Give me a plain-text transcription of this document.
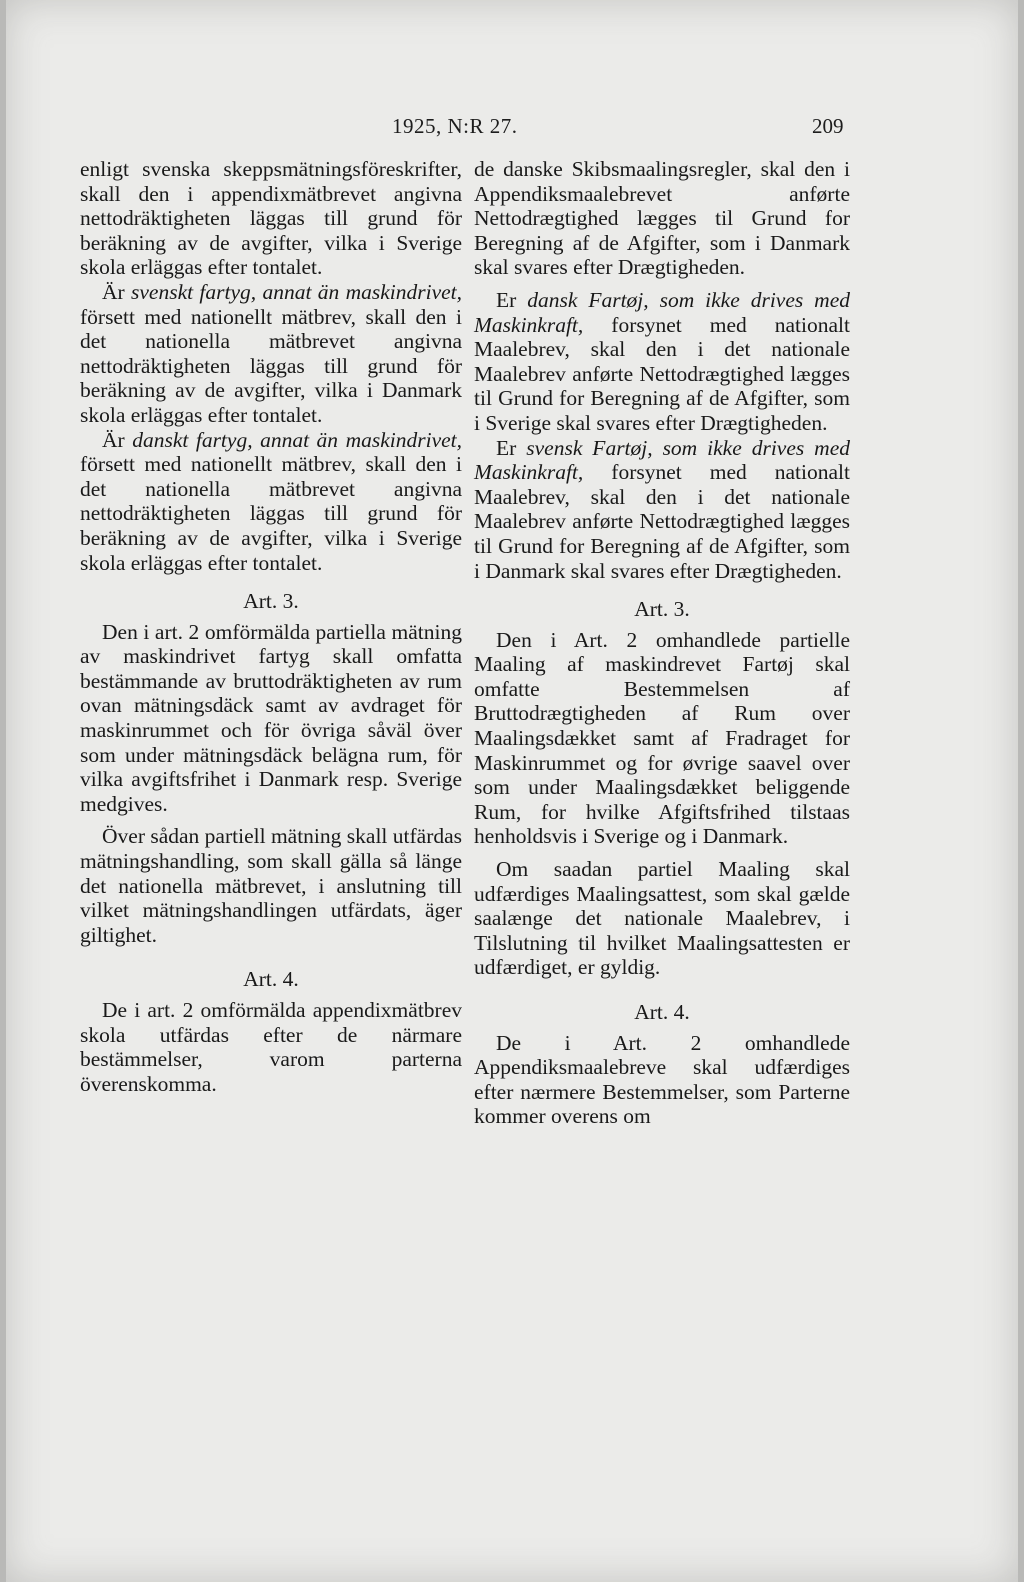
1925, N:R 27.	209

enligt svenska skeppsmätningsföreskrifter, skall den i appendixmätbrevet angivna nettodräktigheten läggas till grund för beräkning av de avgifter, vilka i Sverige skola erläggas efter tontalet.

Är svenskt fartyg, annat än maskindrivet, försett med nationellt mätbrev, skall den i det nationella mätbrevet angivna nettodräktigheten läggas till grund för beräkning av de avgifter, vilka i Danmark skola erläggas efter tontalet.

Är danskt fartyg, annat än maskindrivet, försett med nationellt mätbrev, skall den i det nationella mätbrevet angivna nettodräktigheten läggas till grund för beräkning av de avgifter, vilka i Sverige skola erläggas efter tontalet.

Art. 3.

Den i art. 2 omförmälda partiella mätning av maskindrivet fartyg skall omfatta bestämmande av bruttodräktigheten av rum ovan mätningsdäck samt av avdraget för maskinrummet och för övriga såväl över som under mätningsdäck belägna rum, för vilka avgiftsfrihet i Danmark resp. Sverige medgives.

Över sådan partiell mätning skall utfärdas mätningshandling, som skall gälla så länge det nationella mätbrevet, i anslutning till vilket mätningshandlingen utfärdats, äger giltighet.

Art. 4.

De i art. 2 omförmälda appendixmätbrev skola utfärdas efter de närmare bestämmelser, varom parterna överenskomma.

de danske Skibsmaalingsregler, skal den i Appendiksmaalebrevet anførte Nettodrægtighed lægges til Grund for Beregning af de Afgifter, som i Danmark skal svares efter Drægtigheden.

Er dansk Fartøj, som ikke drives med Maskinkraft, forsynet med nationalt Maalebrev, skal den i det nationale Maalebrev anførte Nettodrægtighed lægges til Grund for Beregning af de Afgifter, som i Sverige skal svares efter Drægtigheden.

Er svensk Fartøj, som ikke drives med Maskinkraft, forsynet med nationalt Maalebrev, skal den i det nationale Maalebrev anførte Nettodrægtighed lægges til Grund for Beregning af de Afgifter, som i Danmark skal svares efter Drægtigheden.

Art. 3.

Den i Art. 2 omhandlede partielle Maaling af maskindrevet Fartøj skal omfatte Bestemmelsen af Bruttodrægtigheden af Rum over Maalingsdækket samt af Fradraget for Maskinrummet og for øvrige saavel over som under Maalingsdækket beliggende Rum, for hvilke Afgiftsfrihed tilstaas henholdsvis i Sverige og i Danmark.

Om saadan partiel Maaling skal udfærdiges Maalingsattest, som skal gælde saalænge det nationale Maalebrev, i Tilslutning til hvilket Maalingsattesten er udfærdiget, er gyldig.

Art. 4.

De i Art. 2 omhandlede Appendiksmaalebreve skal udfærdiges efter nærmere Bestemmelser, som Parterne kommer overens om
